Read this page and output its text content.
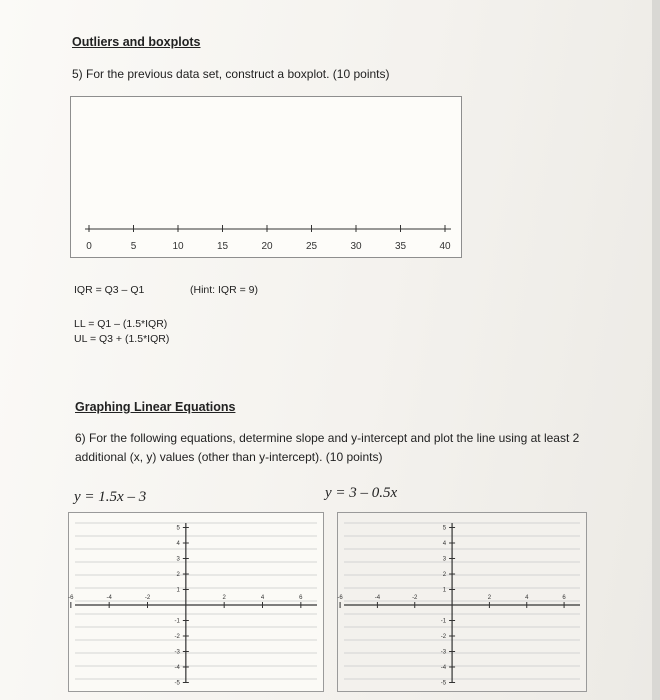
Outliers and boxplots
5) For the previous data set, construct a boxplot. (10 points)
0	5	10	15	20	25	30	35	40
IQR = Q3 – Q1	(Hint: IQR = 9)
LL = Q1 – (1.5*IQR)
UL = Q3 + (1.5*IQR)
Graphing Linear Equations
6) For the following equations, determine slope and y-intercept and plot the line using at least 2
additional (x, y) values (other than y-intercept). (10 points)
y = 1.5x – 3	y = 3 – 0.5x
-6	-4	-2	2	4	6
5
4
3
2
1
-1
-2
-3
-4
-5
-6	-4	-2	2	4	6
5
4
3
2
1
-1
-2
-3
-4
-5
